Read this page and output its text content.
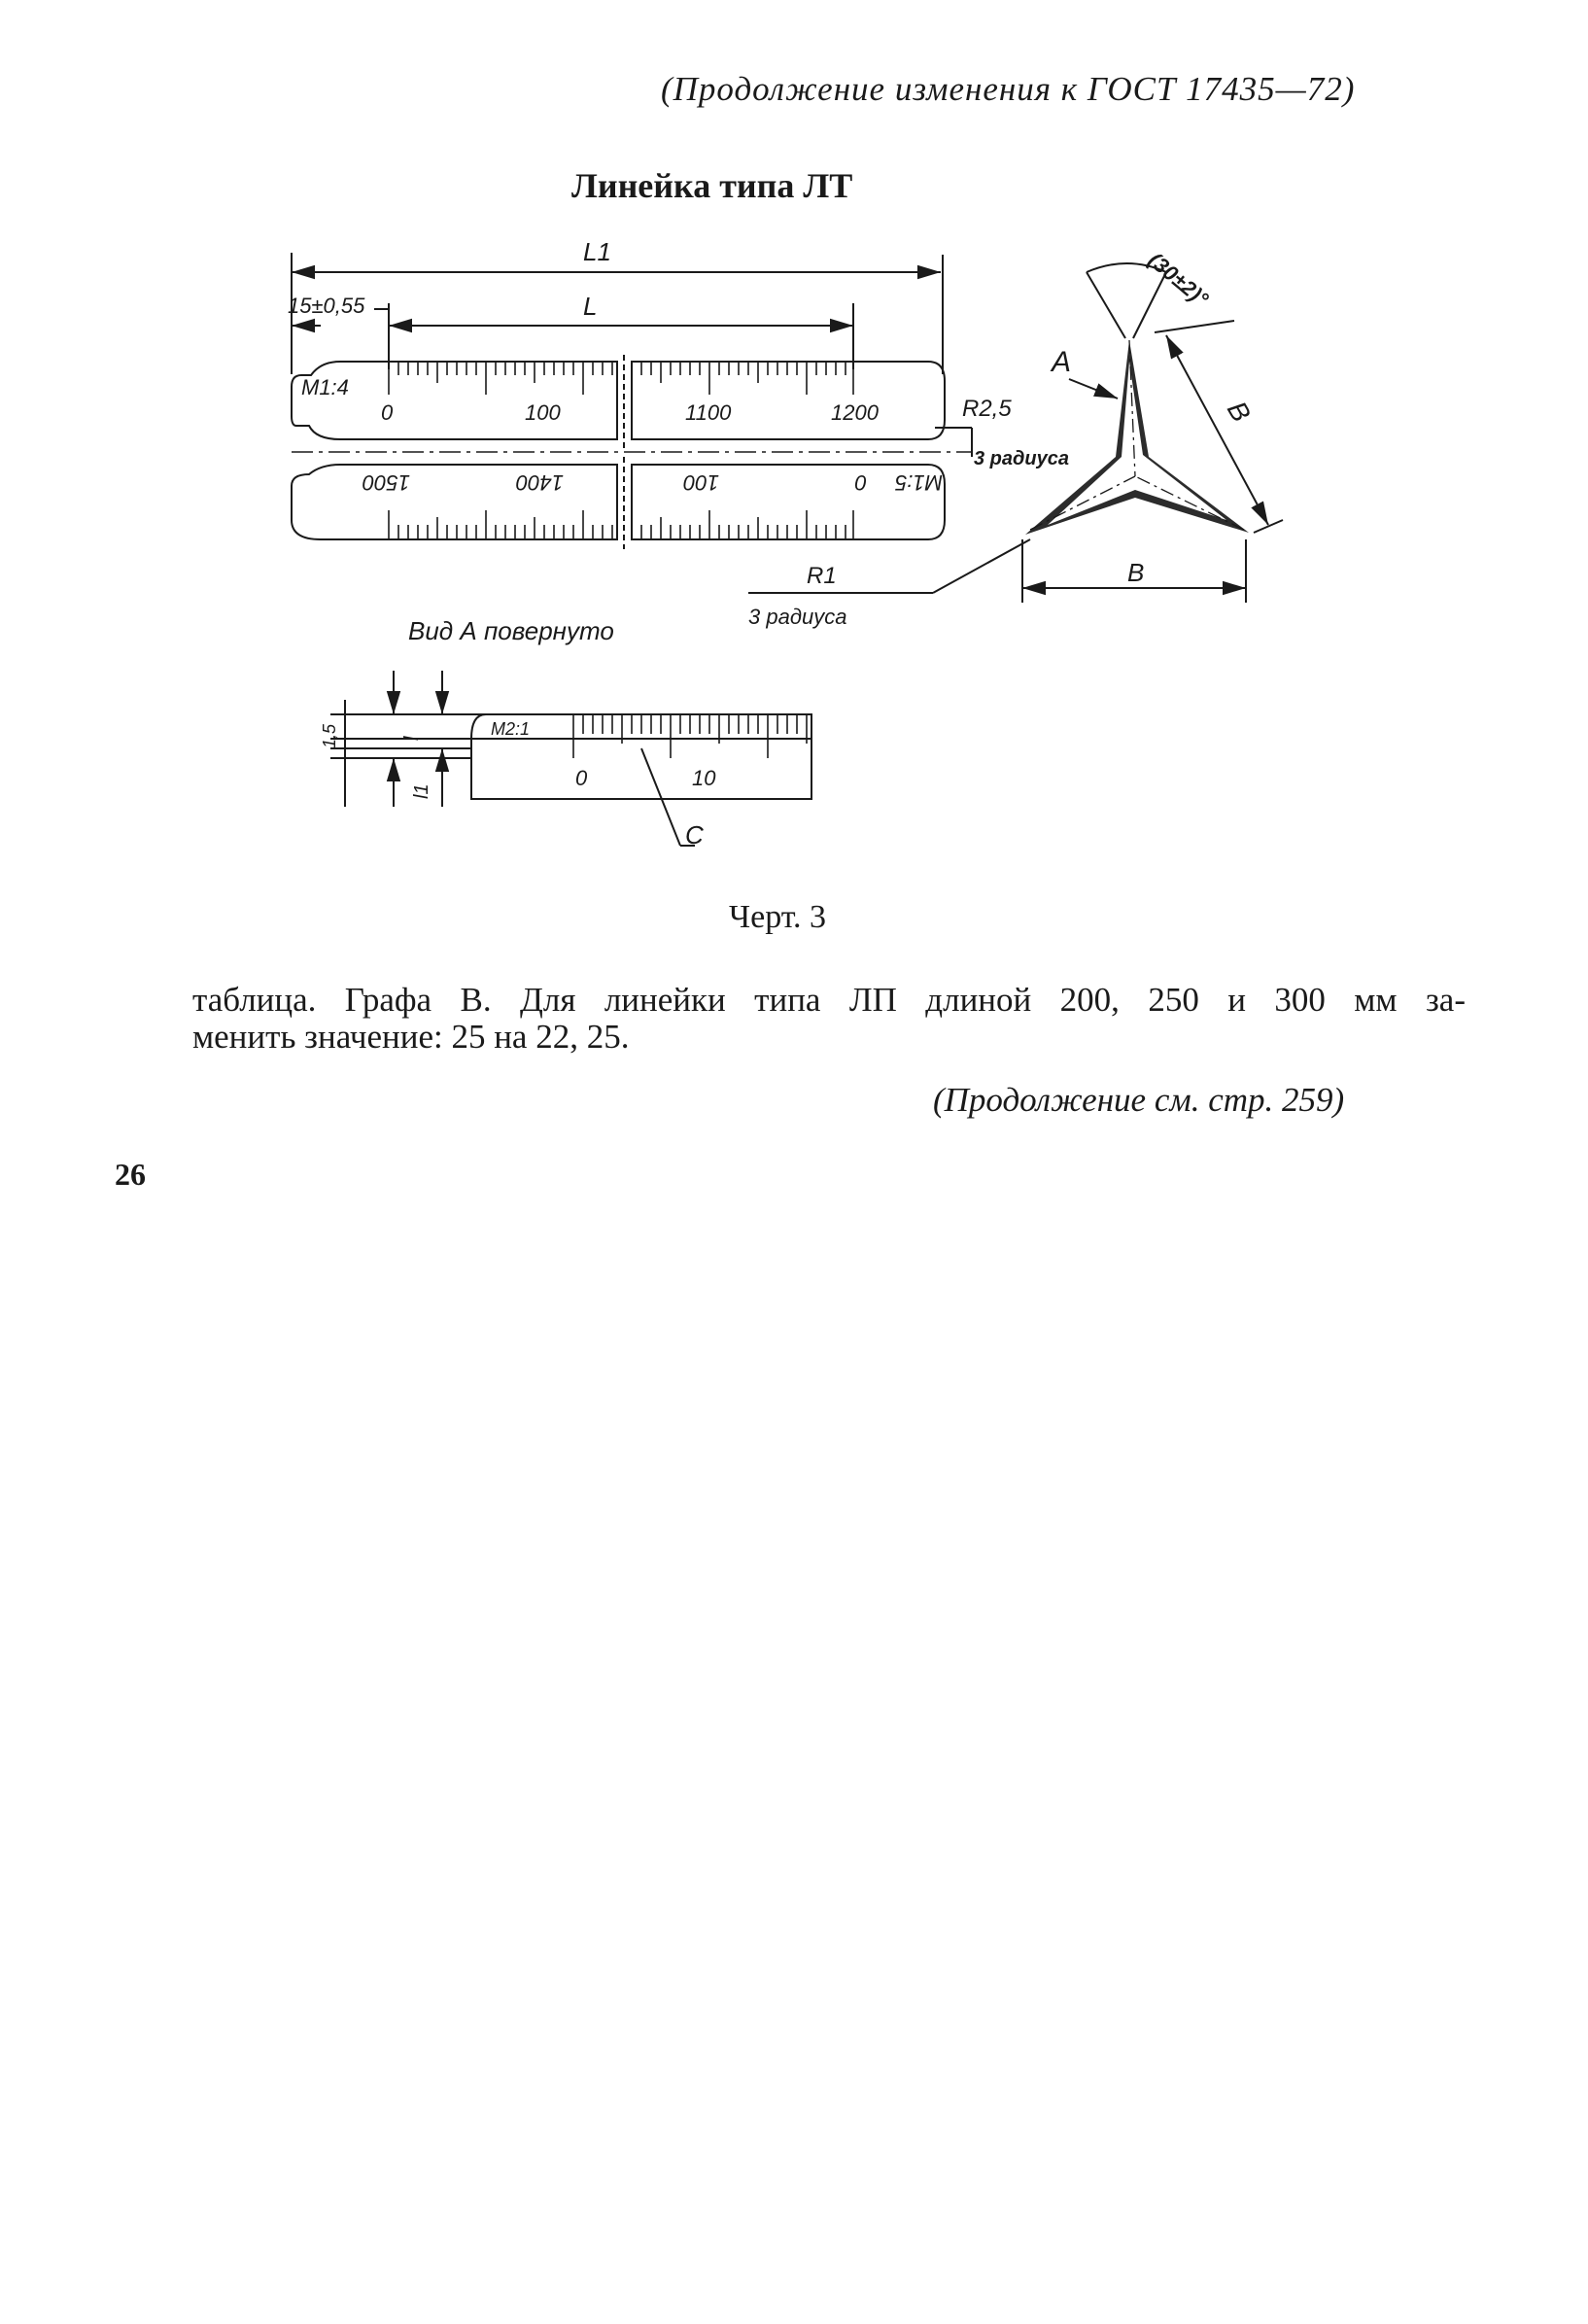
(Продолжение изменения к ГОСТ 17435—72)
Линейка типа ЛТ
L1
L
15±0,55
М1:4
0	100	1100	1200
0
100
1400
1500	М1:5
R2,5
3 радиуса
R1
3 радиуса
(30±2)°
A
B
B
Вид А повернуто
М2:1
0	10
C
l
1,5
l1
Черт. 3

таблица. Графа В. Для линейки типа ЛП длиной 200, 250 и 300 мм за-

менить значение: 25 на 22, 25.

(Продолжение см. стр. 259)
26
